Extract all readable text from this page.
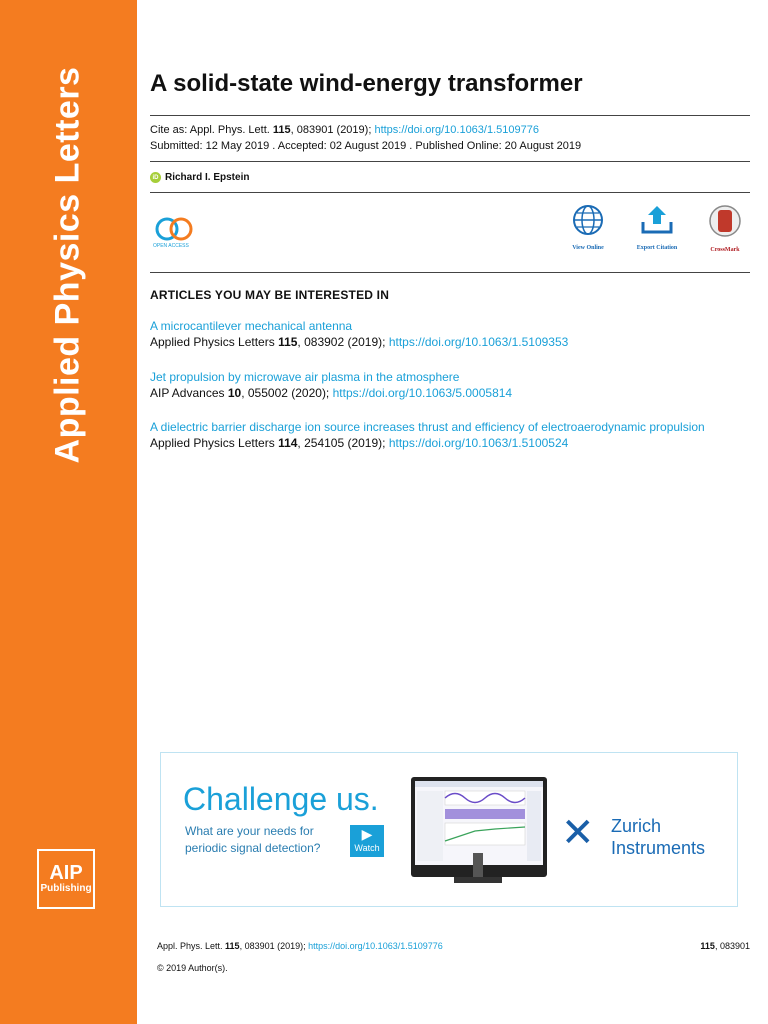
Applied Physics Letters
AIP
Publishing
A solid-state wind-energy transformer
Cite as: Appl. Phys. Lett. 115, 083901 (2019); https://doi.org/10.1063/1.5109776
Submitted: 12 May 2019 . Accepted: 02 August 2019 . Published Online: 20 August 2019
iD Richard I. Epstein
OPEN ACCESS	View Online	Export Citation	CrossMark
ARTICLES YOU MAY BE INTERESTED IN
A microcantilever mechanical antenna
Applied Physics Letters 115, 083902 (2019); https://doi.org/10.1063/1.5109353
Jet propulsion by microwave air plasma in the atmosphere
AIP Advances 10, 055002 (2020); https://doi.org/10.1063/5.0005814
A dielectric barrier discharge ion source increases thrust and efficiency of electroaerodynamic propulsion
Applied Physics Letters 114, 254105 (2019); https://doi.org/10.1063/1.5100524
Challenge us.
What are your needs for
periodic signal detection?
▶
Watch	✕ Zurich
Instruments
Appl. Phys. Lett. 115, 083901 (2019); https://doi.org/10.1063/1.5109776	115, 083901
© 2019 Author(s).
